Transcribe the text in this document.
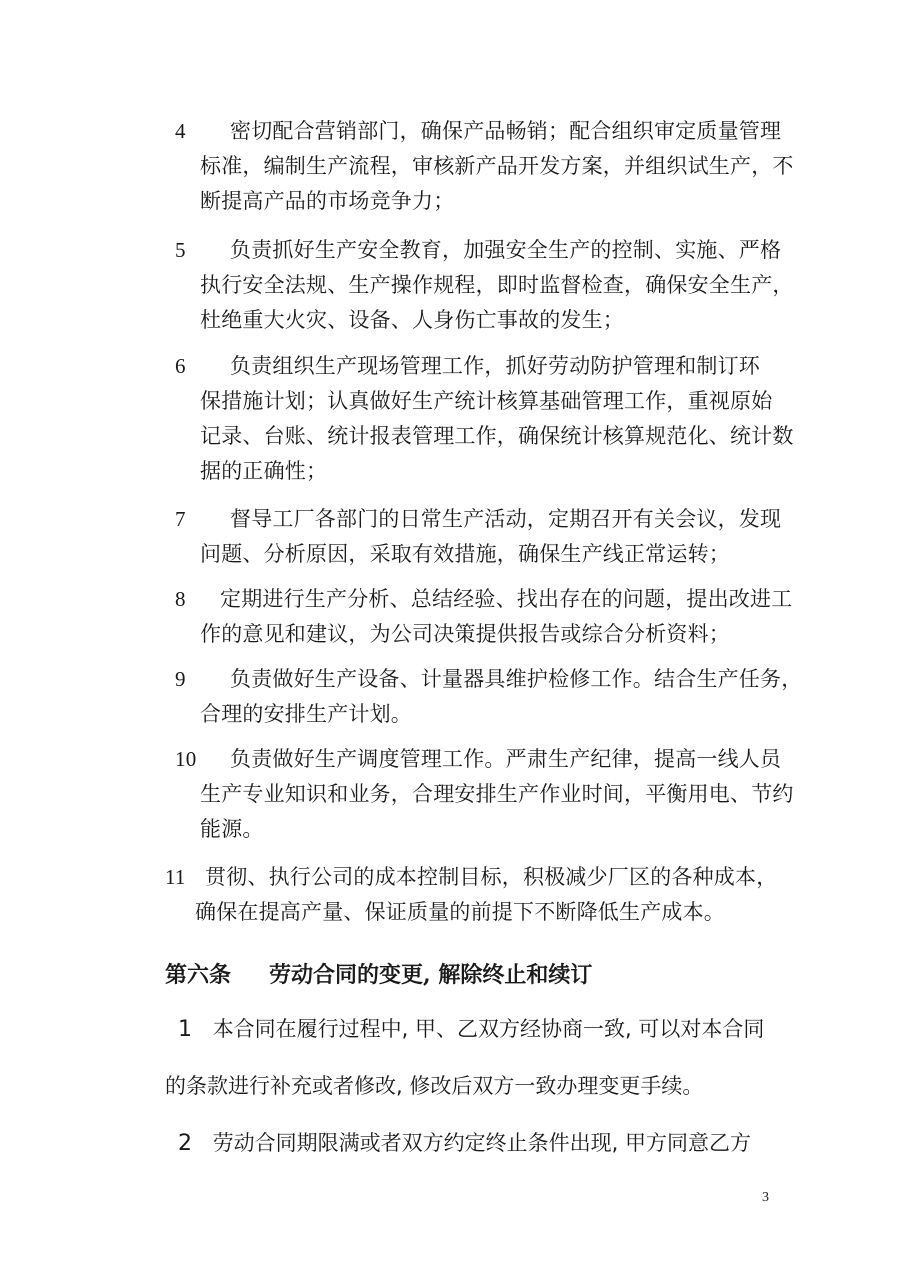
4 密切配合营销部门，确保产品畅销；配合组织审定质量管理
标准，编制生产流程，审核新产品开发方案，并组织试生产，不
断提高产品的市场竞争力；
5 负责抓好生产安全教育，加强安全生产的控制、实施、严格
执行安全法规、生产操作规程，即时监督检查，确保安全生产，
杜绝重大火灾、设备、人身伤亡事故的发生；
6 负责组织生产现场管理工作，抓好劳动防护管理和制订环
保措施计划；认真做好生产统计核算基础管理工作，重视原始
记录、台账、统计报表管理工作，确保统计核算规范化、统计数
据的正确性；
7 督导工厂各部门的日常生产活动，定期召开有关会议，发现
问题、分析原因，采取有效措施，确保生产线正常运转；
8 定期进行生产分析、总结经验、找出存在的问题，提出改进工
作的意见和建议，为公司决策提供报告或综合分析资料；
9 负责做好生产设备、计量器具维护检修工作。结合生产任务，
合理的安排生产计划。
10 负责做好生产调度管理工作。严肃生产纪律，提高一线人员
生产专业知识和业务，合理安排生产作业时间，平衡用电、节约
能源。
11 贯彻、执行公司的成本控制目标，积极减少厂区的各种成本，
确保在提高产量、保证质量的前提下不断降低生产成本。
第六条 劳动合同的变更, 解除终止和续订
1 本合同在履行过程中, 甲、乙双方经协商一致, 可以对本合同
的条款进行补充或者修改, 修改后双方一致办理变更手续。
2 劳动合同期限满或者双方约定终止条件出现, 甲方同意乙方
3
